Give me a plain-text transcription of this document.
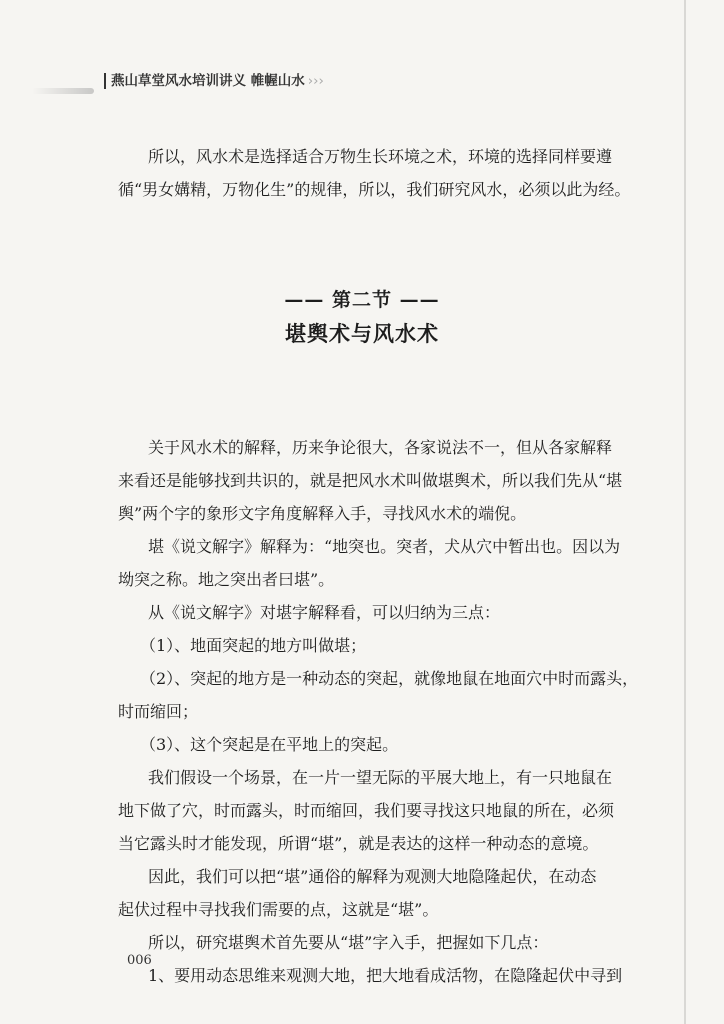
燕山草堂风水培训讲义 帷幄山水 ›››

所以，风水术是选择适合万物生长环境之术，环境的选择同样要遵

循“男女媾精，万物化生”的规律，所以，我们研究风水，必须以此为经。

—— 第二节 ——
堪舆术与风水术

关于风水术的解释，历来争论很大，各家说法不一，但从各家解释

来看还是能够找到共识的，就是把风水术叫做堪舆术，所以我们先从“堪

舆”两个字的象形文字角度解释入手，寻找风水术的端倪。

堪《说文解字》解释为：“地突也。突者，犬从穴中暂出也。因以为

坳突之称。地之突出者曰堪”。

从《说文解字》对堪字解释看，可以归纳为三点：

（1）、地面突起的地方叫做堪；

（2）、突起的地方是一种动态的突起，就像地鼠在地面穴中时而露头，

时而缩回；

（3）、这个突起是在平地上的突起。

我们假设一个场景，在一片一望无际的平展大地上，有一只地鼠在

地下做了穴，时而露头，时而缩回，我们要寻找这只地鼠的所在，必须

当它露头时才能发现，所谓“堪”，就是表达的这样一种动态的意境。

因此，我们可以把“堪”通俗的解释为观测大地隐隆起伏，在动态

起伏过程中寻找我们需要的点，这就是“堪”。

所以，研究堪舆术首先要从“堪”字入手，把握如下几点：

1、要用动态思维来观测大地，把大地看成活物，在隐隆起伏中寻到

006
